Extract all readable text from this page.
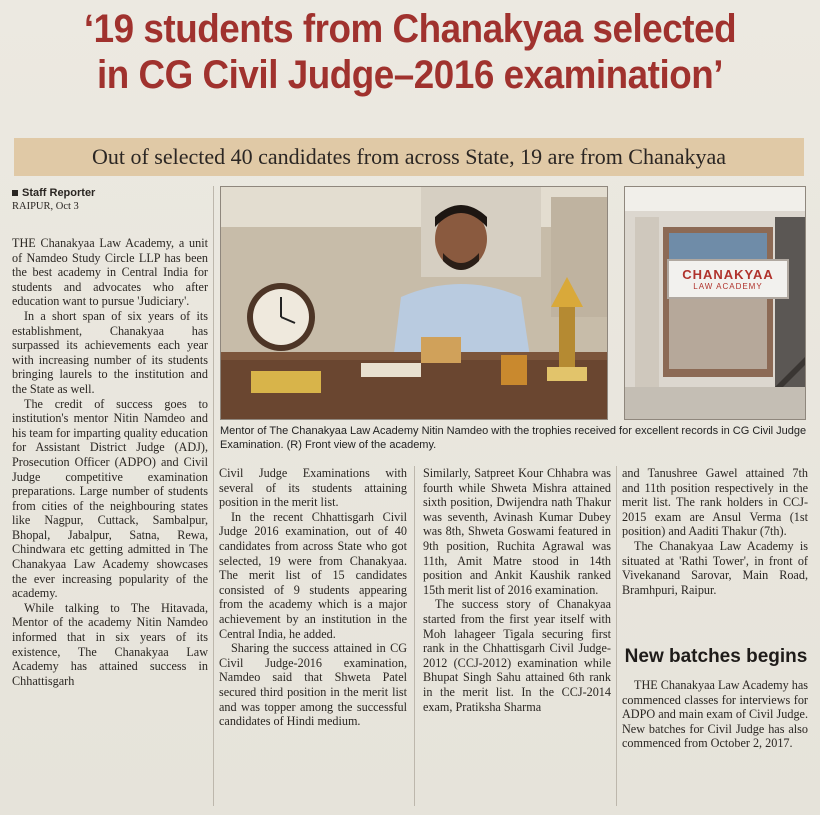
‘19 students from Chanakyaa selected
in CG Civil Judge–2016 examination’
Out of selected 40 candidates from across State, 19 are from Chanakyaa
Staff Reporter
RAIPUR, Oct 3

THE Chanakyaa Law Academy, a unit of Namdeo Study Circle LLP has been the best academy in Central India for students and advocates who after education want to pursue 'Judiciary'.

In a short span of six years of its establishment, Chanakyaa has surpassed its achievements each year with increasing number of its students bringing laurels to the institution and the State as well.

The credit of success goes to institution's mentor Nitin Namdeo and his team for imparting quality education for Assistant District Judge (ADJ), Prosecution Officer (ADPO) and Civil Judge competitive examination preparations. Large number of students from cities of the neighbouring states like Nagpur, Cuttack, Sambalpur, Bhopal, Jabalpur, Satna, Rewa, Chindwara etc getting admitted in The Chanakyaa Law Academy showcases the ever increasing popularity of the academy.

While talking to The Hitavada, Mentor of the academy Nitin Namdeo informed that in six years of its existence, The Chanakyaa Law Academy has attained success in Chhattisgarh

CHANAKYAA
LAW ACADEMY
Mentor of The Chanakyaa Law Academy Nitin Namdeo with the trophies received for excellent records in CG Civil Judge Examination. (R) Front view of the academy.

Civil Judge Examinations with several of its students attaining position in the merit list.

In the recent Chhattisgarh Civil Judge 2016 examination, out of 40 candidates from across State who got selected, 19 were from Chanakyaa. The merit list of 15 candidates consisted of 9 students appearing from the academy which is a major achievement by an institution in the Central India, he added.

Sharing the success attained in CG Civil Judge-2016 examination, Namdeo said that Shweta Patel secured third position in the merit list and was topper among the successful candidates of Hindi medium.

Similarly, Satpreet Kour Chhabra was fourth while Shweta Mishra attained sixth position, Dwijendra nath Thakur was seventh, Avinash Kumar Dubey was 8th, Shweta Goswami featured in 9th position, Ruchita Agrawal was 11th, Amit Matre stood in 14th position and Ankit Kaushik ranked 15th merit list of 2016 examination.

The success story of Chanakyaa started from the first year itself with Moh lahageer Tigala securing first rank in the Chhattisgarh Civil Judge-2012 (CCJ-2012) examination while Bhupat Singh Sahu attained 6th rank in the merit list. In the CCJ-2014 exam, Pratiksha Sharma

and Tanushree Gawel attained 7th and 11th position respectively in the merit list. The rank holders in CCJ-2015 exam are Ansul Verma (1st position) and Aaditi Thakur (7th).

The Chanakyaa Law Academy is situated at 'Rathi Tower', in front of Vivekanand Sarovar, Main Road, Bramhpuri, Raipur.

New batches begins

THE Chanakyaa Law Academy has commenced classes for interviews for ADPO and main exam of Civil Judge. New batches for Civil Judge has also commenced from October 2, 2017.
